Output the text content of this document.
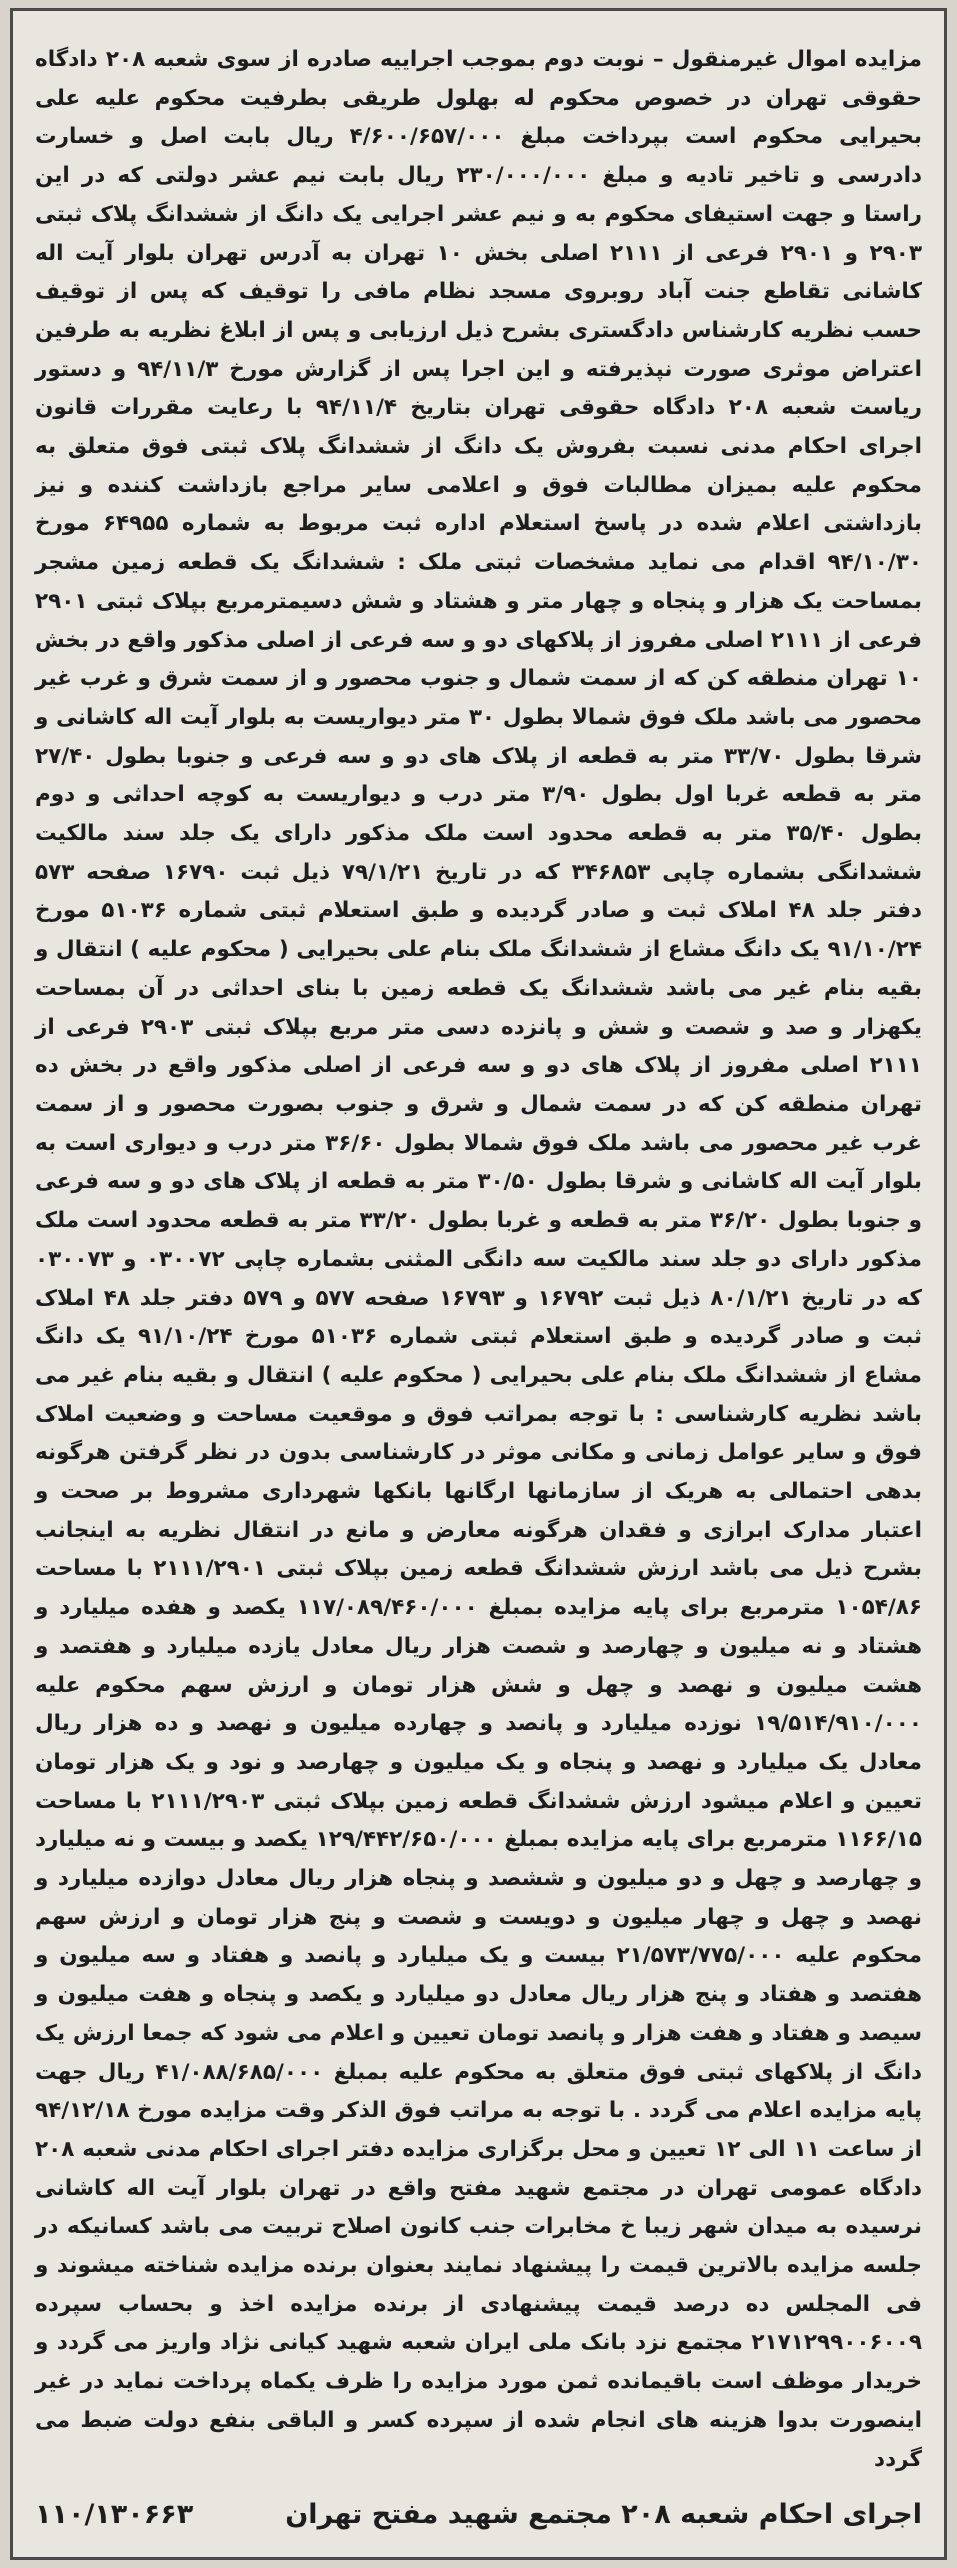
مزایده اموال غیرمنقول – نوبت دوم بموجب اجراییه صادره از سوی شعبه ۲۰۸ دادگاه حقوقی تهران در خصوص محکوم له بهلول طریقی بطرفیت محکوم علیه علی بحیرایی محکوم است بپرداخت مبلغ ۴/۶۰۰/۶۵۷/۰۰۰ ریال بابت اصل و خسارت دادرسی و تاخیر تادیه و مبلغ ۲۳۰/۰۰۰/۰۰۰ ریال بابت نیم عشر دولتی که در این راستا و جهت استیفای محکوم به و نیم عشر اجرایی یک دانگ از ششدانگ پلاک ثبتی ۲۹۰۳ و ۲۹۰۱ فرعی از ۲۱۱۱ اصلی بخش ۱۰ تهران به آدرس تهران بلوار آیت اله کاشانی تقاطع جنت آباد روبروی مسجد نظام مافی را توقیف که پس از توقیف حسب نظریه کارشناس دادگستری بشرح ذیل ارزیابی و پس از ابلاغ نظریه به طرفین اعتراض موثری صورت نپذیرفته و این اجرا پس از گزارش مورخ ۹۴/۱۱/۳ و دستور ریاست شعبه ۲۰۸ دادگاه حقوقی تهران بتاریخ ۹۴/۱۱/۴ با رعایت مقررات قانون اجرای احکام مدنی نسبت بفروش یک دانگ از ششدانگ پلاک ثبتی فوق متعلق به محکوم علیه بمیزان مطالبات فوق و اعلامی سایر مراجع بازداشت کننده و نیز بازداشتی اعلام شده در پاسخ استعلام اداره ثبت مربوط به شماره ۶۴۹۵۵ مورخ ۹۴/۱۰/۳۰ اقدام می نماید مشخصات ثبتی ملک : ششدانگ یک قطعه زمین مشجر بمساحت یک هزار و پنجاه و چهار متر و هشتاد و شش دسیمترمربع بپلاک ثبتی ۲۹۰۱ فرعی از ۲۱۱۱ اصلی مفروز از پلاکهای دو و سه فرعی از اصلی مذکور واقع در بخش ۱۰ تهران منطقه کن که از سمت شمال و جنوب محصور و از سمت شرق و غرب غیر محصور می باشد ملک فوق شمالا بطول ۳۰ متر دیواریست به بلوار آیت اله کاشانی و شرقا بطول ۳۳/۷۰ متر به قطعه از پلاک های دو و سه فرعی و جنوبا بطول ۲۷/۴۰ متر به قطعه غربا اول بطول ۳/۹۰ متر درب و دیواریست به کوچه احداثی و دوم بطول ۳۵/۴۰ متر به قطعه محدود است ملک مذکور دارای یک جلد سند مالکیت ششدانگی بشماره چاپی ۳۴۶۸۵۳ که در تاریخ ۷۹/۱/۲۱ ذیل ثبت ۱۶۷۹۰ صفحه ۵۷۳ دفتر جلد ۴۸ املاک ثبت و صادر گردیده و طبق استعلام ثبتی شماره ۵۱۰۳۶ مورخ ۹۱/۱۰/۲۴ یک دانگ مشاع از ششدانگ ملک بنام علی بحیرایی ( محکوم علیه ) انتقال و بقیه بنام غیر می باشد ششدانگ یک قطعه زمین با بنای احداثی در آن بمساحت یکهزار و صد و شصت و شش و پانزده دسی متر مربع بپلاک ثبتی ۲۹۰۳ فرعی از ۲۱۱۱ اصلی مفروز از پلاک های دو و سه فرعی از اصلی مذکور واقع در بخش ده تهران منطقه کن که در سمت شمال و شرق و جنوب بصورت محصور و از سمت غرب غیر محصور می باشد ملک فوق شمالا بطول ۳۶/۶۰ متر درب و دیواری است به بلوار آیت اله کاشانی و شرقا بطول ۳۰/۵۰ متر به قطعه از پلاک های دو و سه فرعی و جنوبا بطول ۳۶/۲۰ متر به قطعه و غربا بطول ۳۳/۲۰ متر به قطعه محدود است ملک مذکور دارای دو جلد سند مالکیت سه دانگی المثنی بشماره چاپی ۰۳۰۰۷۲ و ۰۳۰۰۷۳ که در تاریخ ۸۰/۱/۲۱ ذیل ثبت ۱۶۷۹۲ و ۱۶۷۹۳ صفحه ۵۷۷ و ۵۷۹ دفتر جلد ۴۸ املاک ثبت و صادر گردیده و طبق استعلام ثبتی شماره ۵۱۰۳۶ مورخ ۹۱/۱۰/۲۴ یک دانگ مشاع از ششدانگ ملک بنام علی بحیرایی ( محکوم علیه ) انتقال و بقیه بنام غیر می باشد نظریه کارشناسی : با توجه بمراتب فوق و موقعیت مساحت و وضعیت املاک فوق و سایر عوامل زمانی و مکانی موثر در کارشناسی بدون در نظر گرفتن هرگونه بدهی احتمالی به هریک از سازمانها ارگانها بانکها شهرداری مشروط بر صحت و اعتبار مدارک ابرازی و فقدان هرگونه معارض و مانع در انتقال نظریه به اینجانب بشرح ذیل می باشد ارزش ششدانگ قطعه زمین بپلاک ثبتی ۲۱۱۱/۲۹۰۱ با مساحت ۱۰۵۴/۸۶ مترمربع برای پایه مزایده بمبلغ ۱۱۷/۰۸۹/۴۶۰/۰۰۰ یکصد و هفده میلیارد و هشتاد و نه میلیون و چهارصد و شصت هزار ریال معادل یازده میلیارد و هفتصد و هشت میلیون و نهصد و چهل و شش هزار تومان و ارزش سهم محکوم علیه ۱۹/۵۱۴/۹۱۰/۰۰۰ نوزده میلیارد و پانصد و چهارده میلیون و نهصد و ده هزار ریال معادل یک میلیارد و نهصد و پنجاه و یک میلیون و چهارصد و نود و یک هزار تومان تعیین و اعلام میشود ارزش ششدانگ قطعه زمین بپلاک ثبتی ۲۱۱۱/۲۹۰۳ با مساحت ۱۱۶۶/۱۵ مترمربع برای پایه مزایده بمبلغ ۱۲۹/۴۴۲/۶۵۰/۰۰۰ یکصد و بیست و نه میلیارد و چهارصد و چهل و دو میلیون و ششصد و پنجاه هزار ریال معادل دوازده میلیارد و نهصد و چهل و چهار میلیون و دویست و شصت و پنج هزار تومان و ارزش سهم محکوم علیه ۲۱/۵۷۳/۷۷۵/۰۰۰ بیست و یک میلیارد و پانصد و هفتاد و سه میلیون و هفتصد و هفتاد و پنج هزار ریال معادل دو میلیارد و یکصد و پنجاه و هفت میلیون و سیصد و هفتاد و هفت هزار و پانصد تومان تعیین و اعلام می شود که جمعا ارزش یک دانگ از پلاکهای ثبتی فوق متعلق به محکوم علیه بمبلغ ۴۱/۰۸۸/۶۸۵/۰۰۰ ریال جهت پایه مزایده اعلام می گردد . با توجه به مراتب فوق الذکر وقت مزایده مورخ ۹۴/۱۲/۱۸ از ساعت ۱۱ الی ۱۲ تعیین و محل برگزاری مزایده دفتر اجرای احکام مدنی شعبه ۲۰۸ دادگاه عمومی تهران در مجتمع شهید مفتح واقع در تهران بلوار آیت اله کاشانی نرسیده به میدان شهر زیبا خ مخابرات جنب کانون اصلاح تربیت می باشد کسانیکه در جلسه مزایده بالاترین قیمت را پیشنهاد نمایند بعنوان برنده مزایده شناخته میشوند و فی المجلس ده درصد قیمت پیشنهادی از برنده مزایده اخذ و بحساب سپرده ۲۱۷۱۲۹۹۰۰۶۰۰۹ مجتمع نزد بانک ملی ایران شعبه شهید کیانی نژاد واریز می گردد و خریدار موظف است باقیمانده ثمن مورد مزایده را ظرف یکماه پرداخت نماید در غیر اینصورت بدوا هزینه های انجام شده از سپرده کسر و الباقی بنفع دولت ضبط می گردد

اجرای احکام شعبه ۲۰۸ مجتمع شهید مفتح تهران
۱۱۰/۱۳۰۶۶۳
